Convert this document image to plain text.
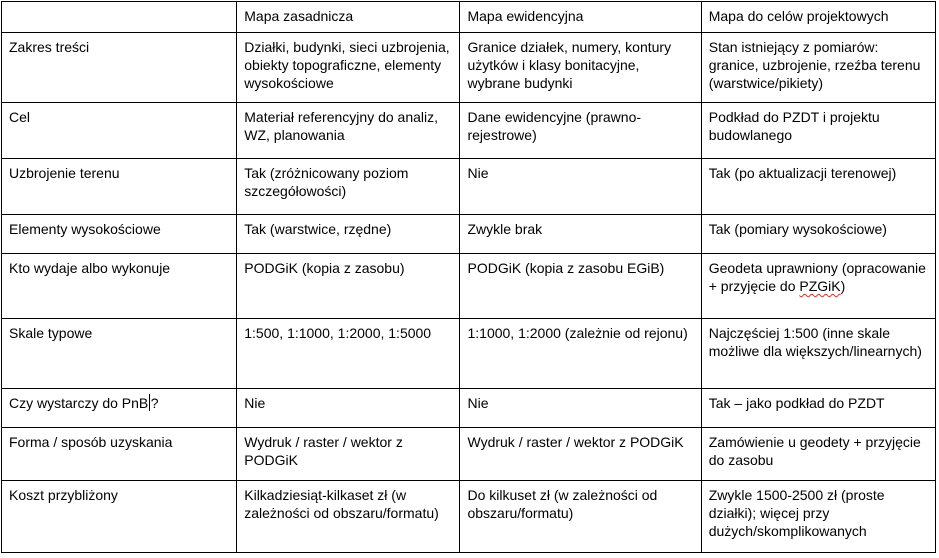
	Mapa zasadnicza	Mapa ewidencyjna	Mapa do celów projektowych
Zakres treści	Działki, budynki, sieci uzbrojenia, obiekty topograficzne, elementy wysokościowe	Granice działek, numery, kontury użytków i klasy bonitacyjne, wybrane budynki	Stan istniejący z pomiarów: granice, uzbrojenie, rzeźba terenu (warstwice/pikiety)
Cel	Materiał referencyjny do analiz, WZ, planowania	Dane ewidencyjne (prawno-rejestrowe)	Podkład do PZDT i projektu budowlanego
Uzbrojenie terenu	Tak (zróżnicowany poziom szczegółowości)	Nie	Tak (po aktualizacji terenowej)
Elementy wysokościowe	Tak (warstwice, rzędne)	Zwykle brak	Tak (pomiary wysokościowe)
Kto wydaje albo wykonuje	PODGiK (kopia z zasobu)	PODGiK (kopia z zasobu EGiB)	Geodeta uprawniony (opracowanie + przyjęcie do PZGiK)
Skale typowe	1:500, 1:1000, 1:2000, 1:5000	1:1000, 1:2000 (zależnie od rejonu)	Najczęściej 1:500 (inne skale możliwe dla większych/linearnych)
Czy wystarczy do PnB ?	Nie	Nie	Tak – jako podkład do PZDT
Forma / sposób uzyskania	Wydruk / raster / wektor z PODGiK	Wydruk / raster / wektor z PODGiK	Zamówienie u geodety + przyjęcie do zasobu
Koszt przybliżony	Kilkadziesiąt-kilkaset zł (w zależności od obszaru/formatu)	Do kilkuset zł (w zależności od obszaru/formatu)	Zwykle 1500-2500 zł (proste działki); więcej przy dużych/skomplikowanych
